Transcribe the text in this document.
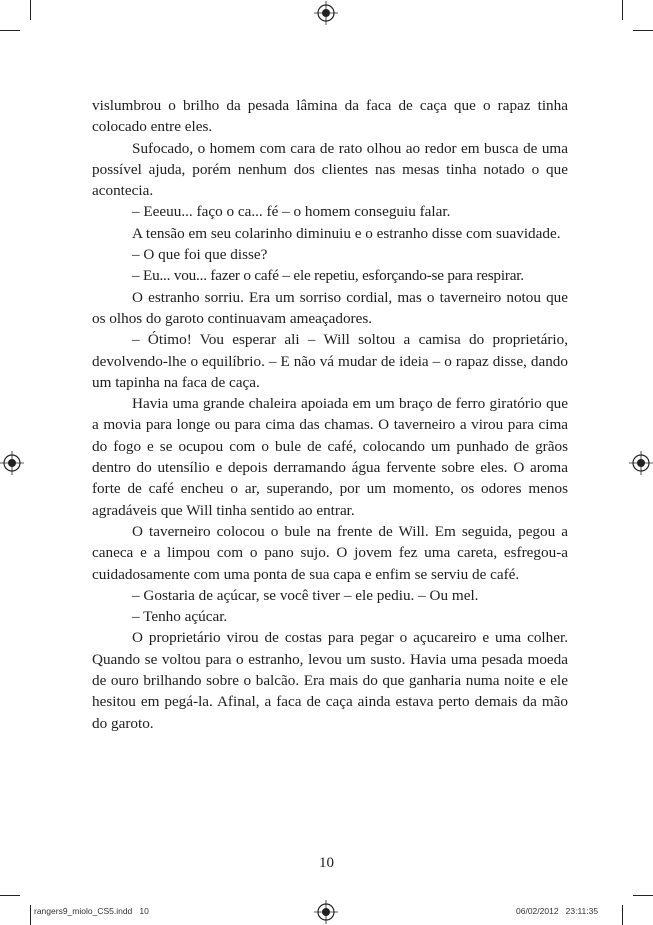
vislumbrou o brilho da pesada lâmina da faca de caça que o rapaz tinha colocado entre eles.

Sufocado, o homem com cara de rato olhou ao redor em busca de uma possível ajuda, porém nenhum dos clientes nas mesas tinha notado o que acontecia.

– Eeeuu... faço o ca... fé – o homem conseguiu falar.

A tensão em seu colarinho diminuiu e o estranho disse com suavidade.

– O que foi que disse?

– Eu... vou... fazer o café – ele repetiu, esforçando-se para respirar.

O estranho sorriu. Era um sorriso cordial, mas o taverneiro notou que os olhos do garoto continuavam ameaçadores.

– Ótimo! Vou esperar ali – Will soltou a camisa do proprietário, devolvendo-lhe o equilíbrio. – E não vá mudar de ideia – o rapaz disse, dando um tapinha na faca de caça.

Havia uma grande chaleira apoiada em um braço de ferro giratório que a movia para longe ou para cima das chamas. O taverneiro a virou para cima do fogo e se ocupou com o bule de café, colocando um punhado de grãos dentro do utensílio e depois derramando água fervente sobre eles. O aroma forte de café encheu o ar, superando, por um momento, os odores menos agradáveis que Will tinha sentido ao entrar.

O taverneiro colocou o bule na frente de Will. Em seguida, pegou a caneca e a limpou com o pano sujo. O jovem fez uma careta, esfregou-a cuidadosamente com uma ponta de sua capa e enfim se serviu de café.

– Gostaria de açúcar, se você tiver – ele pediu. – Ou mel.

– Tenho açúcar.

O proprietário virou de costas para pegar o açucareiro e uma colher. Quando se voltou para o estranho, levou um susto. Havia uma pesada moeda de ouro brilhando sobre o balcão. Era mais do que ganharia numa noite e ele hesitou em pegá-la. Afinal, a faca de caça ainda estava perto demais da mão do garoto.

10
rangers9_miolo_CS5.indd   10	06/02/2012   23:11:35
